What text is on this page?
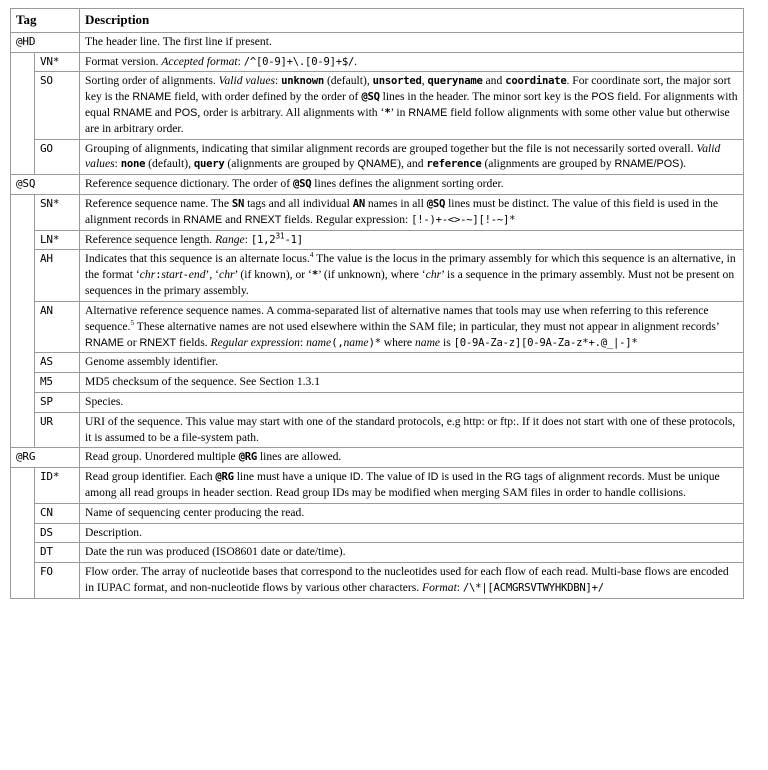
Tag		Description
@HD		The header line. The first line if present.
	VN*	Format version. Accepted format: /^[0-9]+\.[0-9]+$/.
	SO	Sorting order of alignments. Valid values: unknown (default), unsorted, queryname and coordinate. For coordinate sort, the major sort key is the RNAME field, with order defined by the order of @SQ lines in the header. The minor sort key is the POS field. For alignments with equal RNAME and POS, order is arbitrary. All alignments with ‘*’ in RNAME field follow alignments with some other value but otherwise are in arbitrary order.
	GO	Grouping of alignments, indicating that similar alignment records are grouped together but the file is not necessarily sorted overall. Valid values: none (default), query (alignments are grouped by QNAME), and reference (alignments are grouped by RNAME/POS).
@SQ		Reference sequence dictionary. The order of @SQ lines defines the alignment sorting order.
	SN*	Reference sequence name. The SN tags and all individual AN names in all @SQ lines must be distinct. The value of this field is used in the alignment records in RNAME and RNEXT fields. Regular expression: [!-)+-<>-~][!-~]*
	LN*	Reference sequence length. Range: $[1,2^{31}-1]$
	AH	Indicates that this sequence is an alternate locus.$^4$ The value is the locus in the primary assembly for which this sequence is an alternative, in the format ‘chr:start-end’, ‘chr’ (if known), or ‘*’ (if unknown), where ‘chr’ is a sequence in the primary assembly. Must not be present on sequences in the primary assembly.
	AN	Alternative reference sequence names. A comma-separated list of alternative names that tools may use when referring to this reference sequence.$^5$ These alternative names are not used elsewhere within the SAM file; in particular, they must not appear in alignment records’ RNAME or RNEXT fields. Regular expression: name(,name)* where name is [0-9A-Za-z][0-9A-Za-z*+.@_|-]*
	AS	Genome assembly identifier.
	M5	MD5 checksum of the sequence. See Section 1.3.1
	SP	Species.
	UR	URI of the sequence. This value may start with one of the standard protocols, e.g http: or ftp:. If it does not start with one of these protocols, it is assumed to be a file-system path.
@RG		Read group. Unordered multiple @RG lines are allowed.
	ID*	Read group identifier. Each @RG line must have a unique ID. The value of ID is used in the RG tags of alignment records. Must be unique among all read groups in header section. Read group IDs may be modified when merging SAM files in order to handle collisions.
	CN	Name of sequencing center producing the read.
	DS	Description.
	DT	Date the run was produced (ISO8601 date or date/time).
	FO	Flow order. The array of nucleotide bases that correspond to the nucleotides used for each flow of each read. Multi-base flows are encoded in IUPAC format, and non-nucleotide flows by various other characters. Format: /\*|[ACMGRSVTWYHKDBN]+/
